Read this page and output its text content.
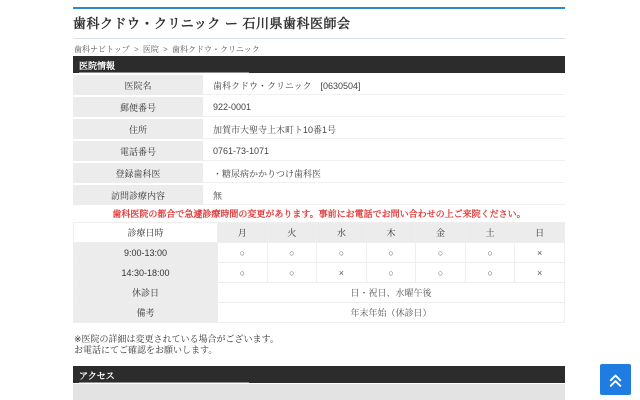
歯科クドウ・クリニック ー 石川県歯科医師会
歯科ナビトップ > 医院 > 歯科クドウ・クリニック
医院情報
医院名	歯科クドウ・クリニック　[0630504]
郵便番号	922-0001
住所	加賀市大聖寺上木町ト10番1号
電話番号	0761-73-1071
登録歯科医	・糖尿病かかりつけ歯科医
訪問診療内容	無

歯科医院の都合で急遽診療時間の変更があります。事前にお電話でお問い合わせの上ご来院ください。

診療日時	月	火	水	木	金	土	日
9:00-13:00	○	○	○	○	○	○	×
14:30-18:00	○	○	×	○	○	○	×
休診日	日・祝日、水曜午後						
備考	年末年始（休診日）						

※医院の詳細は変更されている場合がございます。

お電話にてご確認をお願いします。

アクセス
